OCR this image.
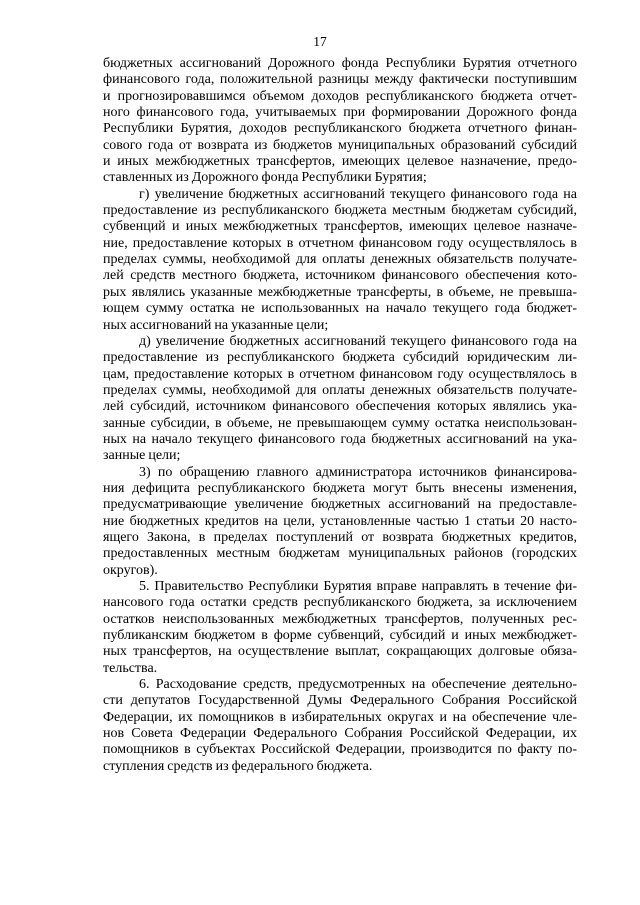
17
бюджетных ассигнований Дорожного фонда Республики Бурятия отчетного
финансового года, положительной разницы между фактически поступившим
и прогнозировавшимся объемом доходов республиканского бюджета отчет-
ного финансового года, учитываемых при формировании Дорожного фонда
Республики Бурятия, доходов республиканского бюджета отчетного финан-
сового года от возврата из бюджетов муниципальных образований субсидий
и иных межбюджетных трансфертов, имеющих целевое назначение, предо-
ставленных из Дорожного фонда Республики Бурятия;
г) увеличение бюджетных ассигнований текущего финансового года на
предоставление из республиканского бюджета местным бюджетам субсидий,
субвенций и иных межбюджетных трансфертов, имеющих целевое назначе-
ние, предоставление которых в отчетном финансовом году осуществлялось в
пределах суммы, необходимой для оплаты денежных обязательств получате-
лей средств местного бюджета, источником финансового обеспечения кото-
рых являлись указанные межбюджетные трансферты, в объеме, не превыша-
ющем сумму остатка не использованных на начало текущего года бюджет-
ных ассигнований на указанные цели;
д) увеличение бюджетных ассигнований текущего финансового года на
предоставление из республиканского бюджета субсидий юридическим ли-
цам, предоставление которых в отчетном финансовом году осуществлялось в
пределах суммы, необходимой для оплаты денежных обязательств получате-
лей субсидий, источником финансового обеспечения которых являлись ука-
занные субсидии, в объеме, не превышающем сумму остатка неиспользован-
ных на начало текущего финансового года бюджетных ассигнований на ука-
занные цели;
3) по обращению главного администратора источников финансирова-
ния дефицита республиканского бюджета могут быть внесены изменения,
предусматривающие увеличение бюджетных ассигнований на предоставле-
ние бюджетных кредитов на цели, установленные частью 1 статьи 20 насто-
ящего Закона, в пределах поступлений от возврата бюджетных кредитов,
предоставленных местным бюджетам муниципальных районов (городских
округов).
5. Правительство Республики Бурятия вправе направлять в течение фи-
нансового года остатки средств республиканского бюджета, за исключением
остатков неиспользованных межбюджетных трансфертов, полученных рес-
публиканским бюджетом в форме субвенций, субсидий и иных межбюджет-
ных трансфертов, на осуществление выплат, сокращающих долговые обяза-
тельства.
6. Расходование средств, предусмотренных на обеспечение деятельно-
сти депутатов Государственной Думы Федерального Собрания Российской
Федерации, их помощников в избирательных округах и на обеспечение чле-
нов Совета Федерации Федерального Собрания Российской Федерации, их
помощников в субъектах Российской Федерации, производится по факту по-
ступления средств из федерального бюджета.
